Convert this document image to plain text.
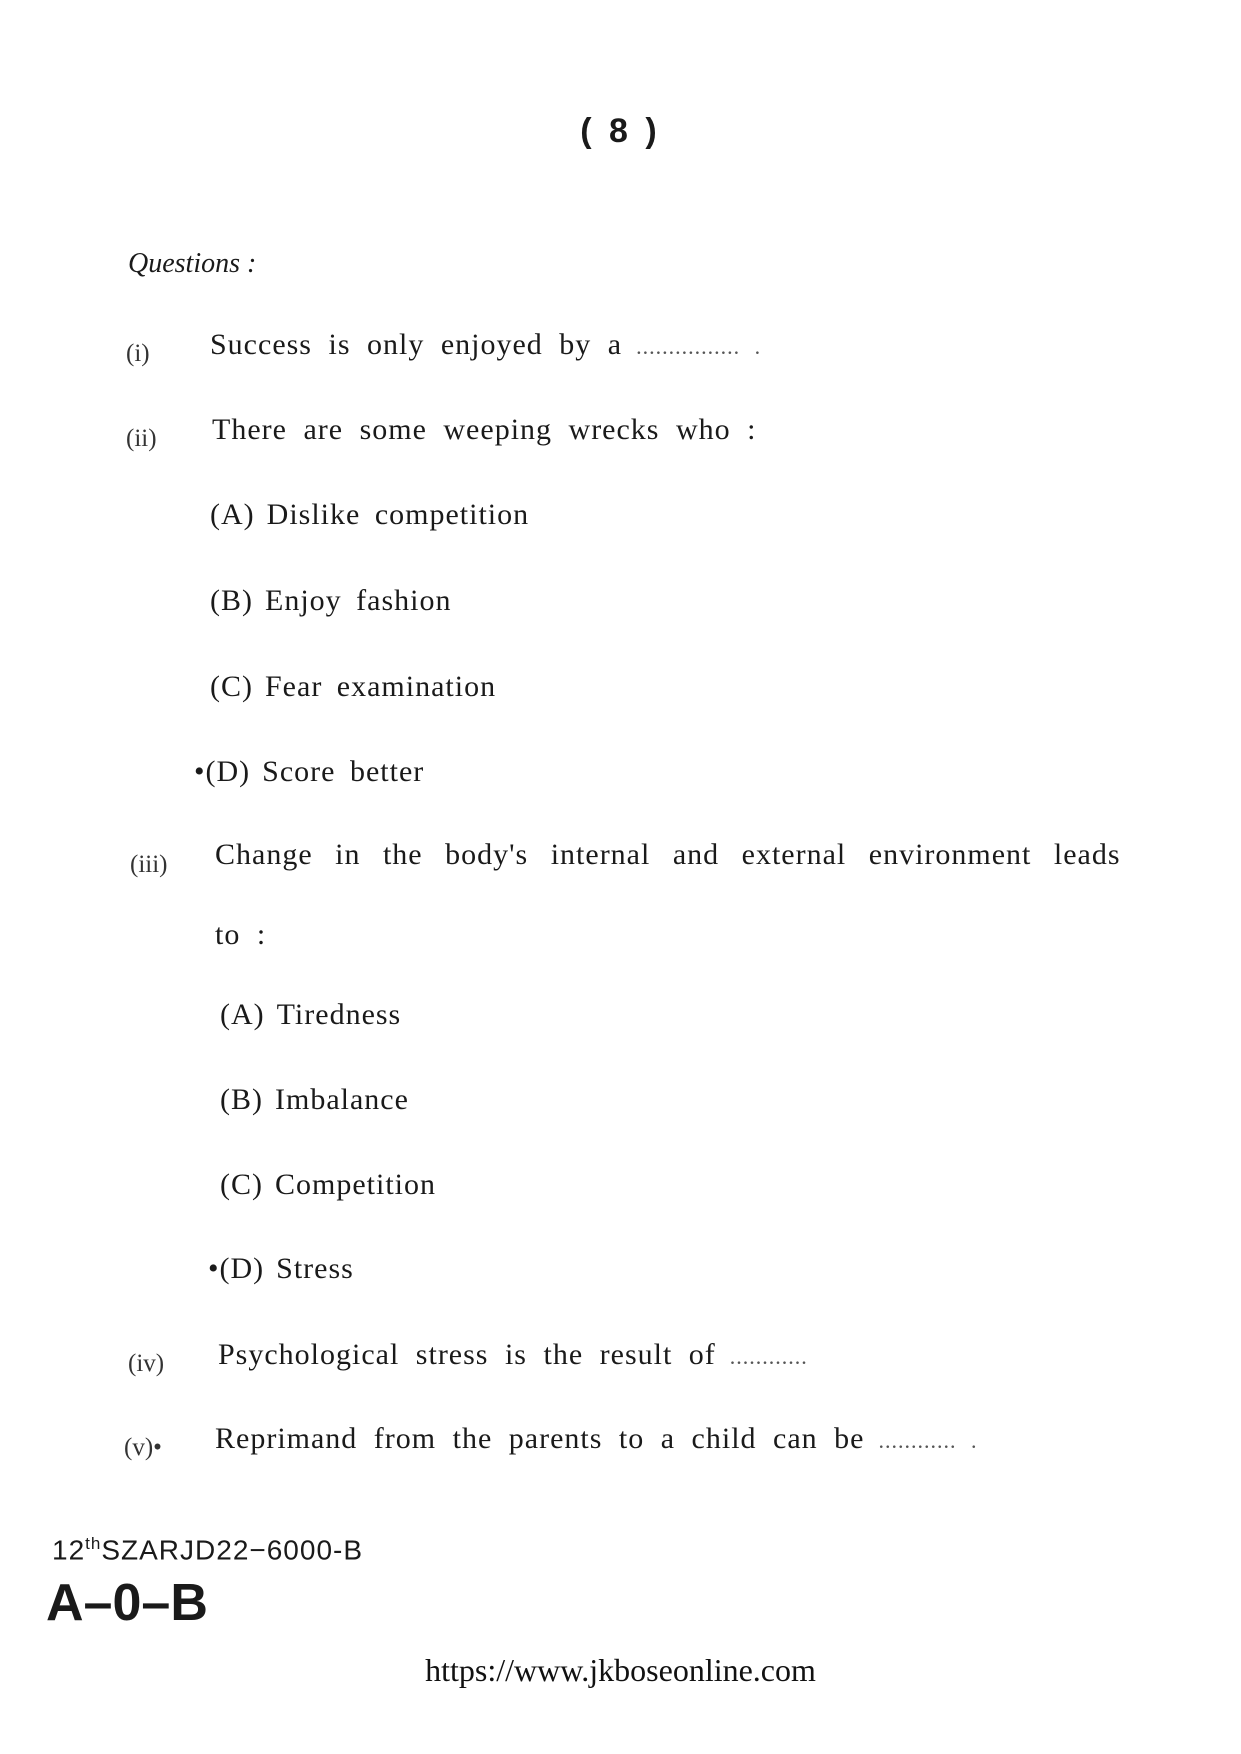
( 8 )
Questions :
(i) Success is only enjoyed by a ................ .
(ii) There are some weeping wrecks who :
(A) Dislike competition
(B) Enjoy fashion
(C) Fear examination
•(D) Score better
(iii) Change in the body's internal and external environment leads
to :
(A) Tiredness
(B) Imbalance
(C) Competition
•(D) Stress
(iv) Psychological stress is the result of ............
(v)• Reprimand from the parents to a child can be ............ .
12thSZARJD22−6000-B
A–0–B
https://www.jkboseonline.com
